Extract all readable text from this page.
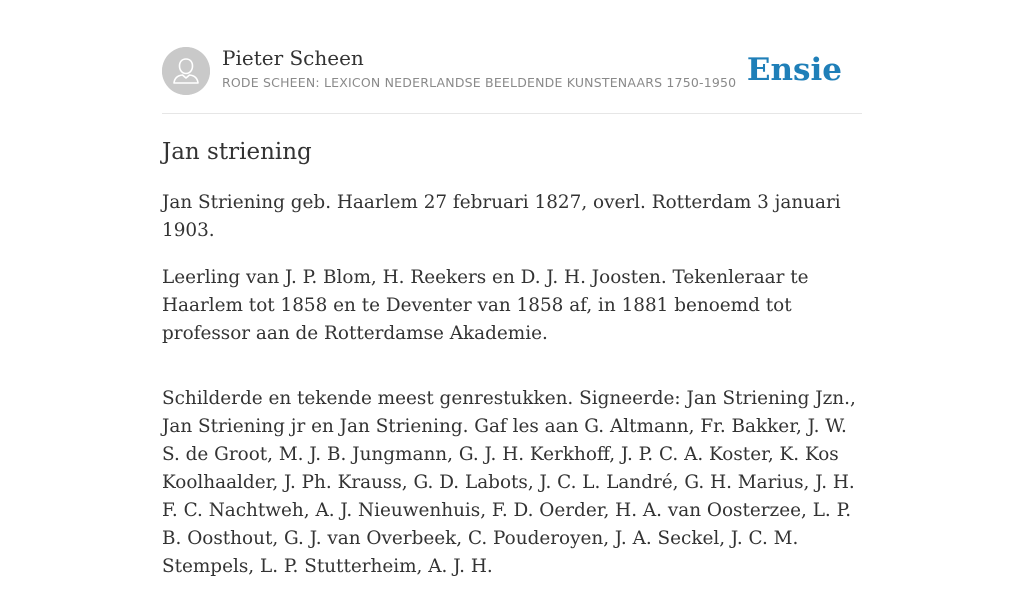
Pieter Scheen
RODE SCHEEN: LEXICON NEDERLANDSE BEELDENDE KUNSTENAARS 1750-1950 Ensie
Jan striening

Jan Striening geb. Haarlem 27 februari 1827, overl. Rotterdam 3 januari 1903.

Leerling van J. P. Blom, H. Reekers en D. J. H. Joosten. Tekenleraar te Haarlem tot 1858 en te Deventer van 1858 af, in 1881 benoemd tot professor aan de Rotterdamse Akademie.

Schilderde en tekende meest genrestukken. Signeerde: Jan Striening Jzn., Jan Striening jr en Jan Striening. Gaf les aan G. Altmann, Fr. Bakker, J. W. S. de Groot, M. J. B. Jungmann, G. J. H. Kerkhoff, J. P. C. A. Koster, K. Kos Koolhaalder, J. Ph. Krauss, G. D. Labots, J. C. L. Landré, G. H. Marius, J. H. F. C. Nachtweh, A. J. Nieuwenhuis, F. D. Oerder, H. A. van Oosterzee, L. P. B. Oosthout, G. J. van Overbeek, C. Pouderoyen, J. A. Seckel, J. C. M. Stempels, L. P. Stutterheim, A. J. H.
